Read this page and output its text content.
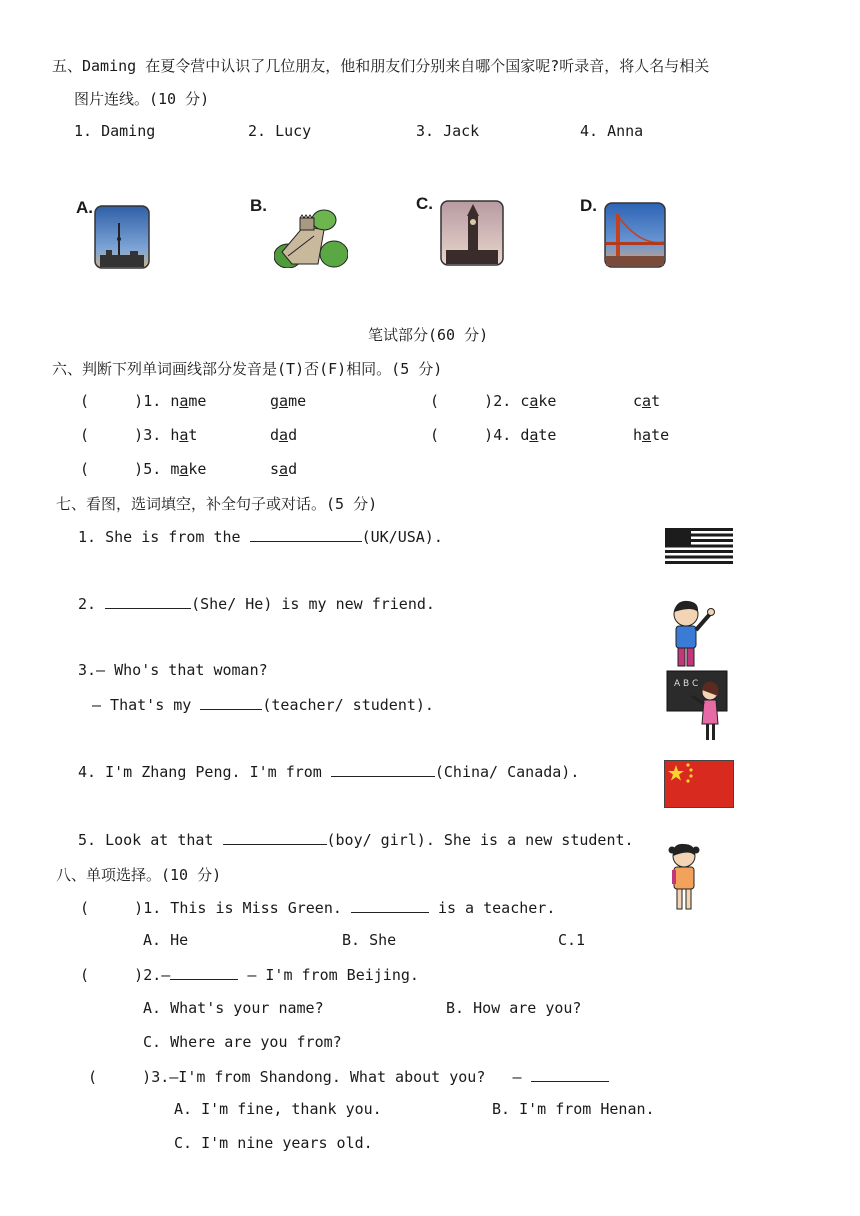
五、Daming 在夏令营中认识了几位朋友，他和朋友们分别来自哪个国家呢?听录音，将人名与相关
图片连线。(10 分)
1. Daming	2. Lucy	3. Jack	4. Anna
A.	B.	C.	D.
笔试部分(60 分)
六、判断下列单词画线部分发音是(T)否(F)相同。(5 分)
(     )1. name	game	(     )2. cake	cat
(     )3. hat	dad	(     )4. date	hate
(     )5. make	sad
七、看图，选词填空，补全句子或对话。(5 分)
1. She is from the	(UK/USA).
2.	(She/ He) is my new friend.
3.— Who's that woman?
— That's my	(teacher/ student).
A B C
4. I'm Zhang Peng. I'm from	(China/ Canada).
5. Look at that	(boy/ girl). She is a new student.
八、单项选择。(10 分)
(     )1. This is Miss Green.	is a teacher.
A. He	B. She	C.1
(     )2.—	— I'm from Beijing.
A. What's your name?	B. How are you?
C. Where are you from?
(     )3.—I'm from Shandong. What about you?   —
A. I'm fine, thank you.	B. I'm from Henan.
C. I'm nine years old.
